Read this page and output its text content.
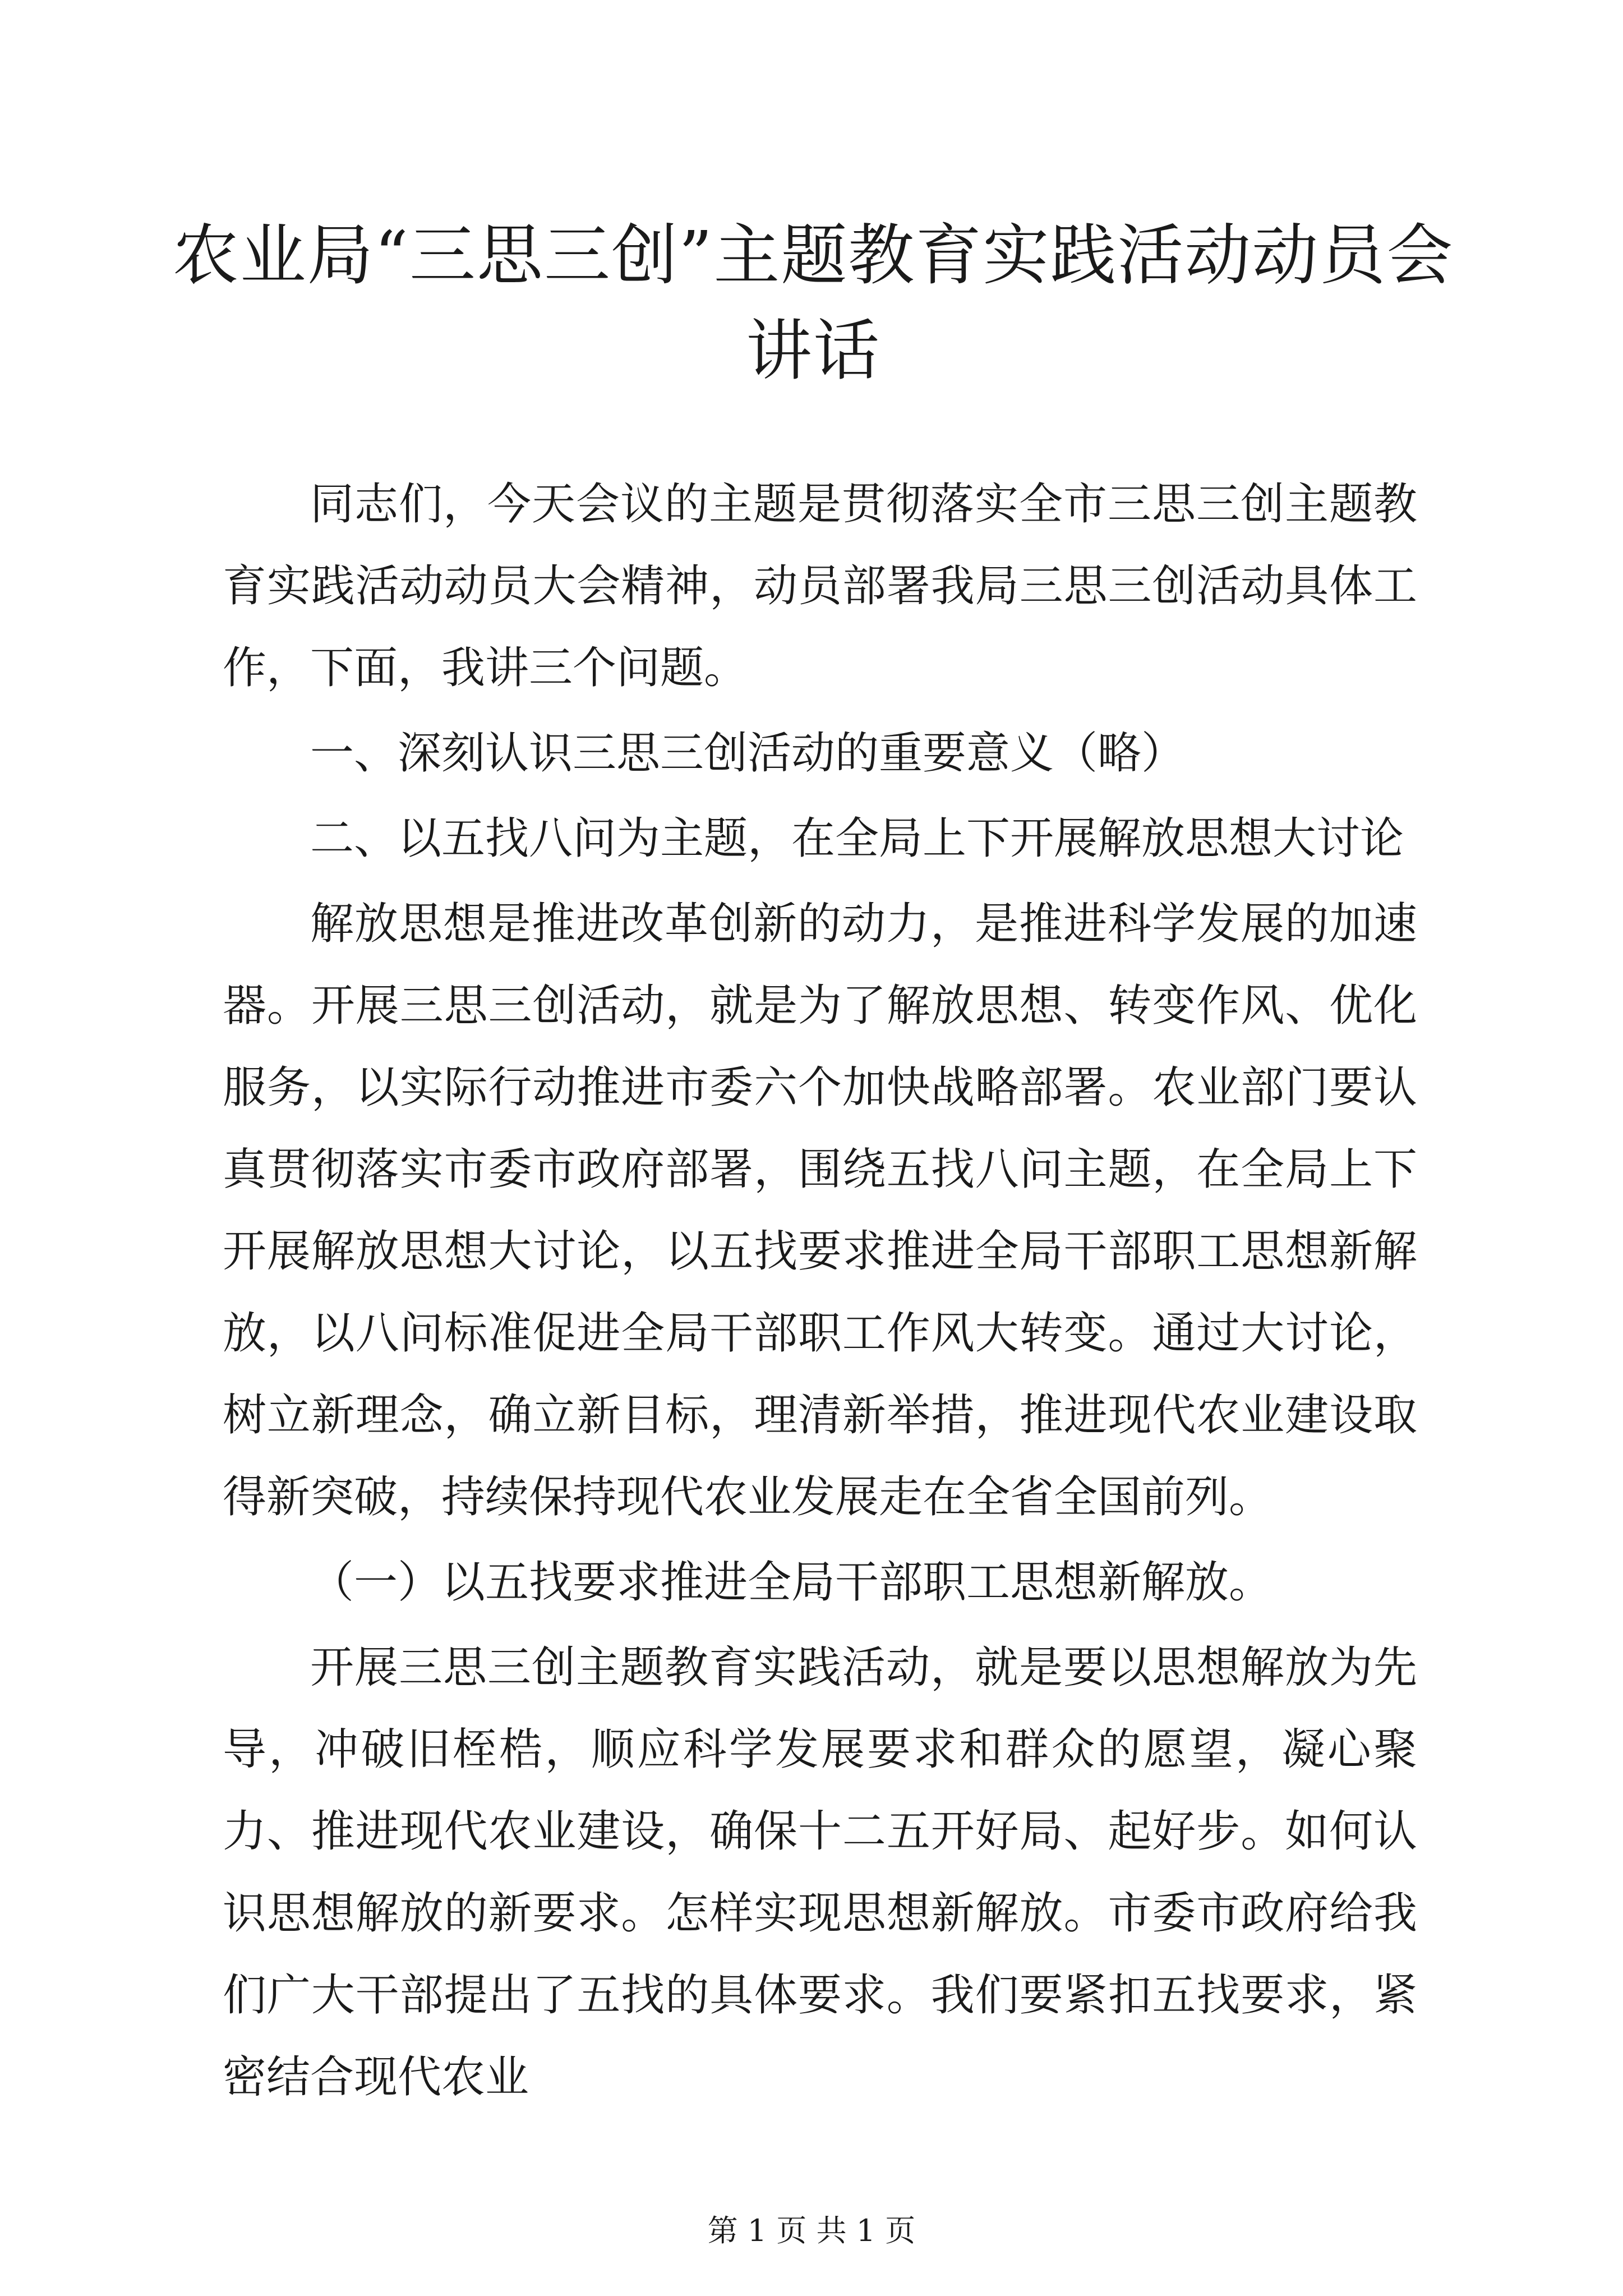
农业局“三思三创”主题教育实践活动动员会
讲话

同志们，今天会议的主题是贯彻落实全市三思三创主题教育实践活动动员大会精神，动员部署我局三思三创活动具体工作，下面，我讲三个问题。

一、深刻认识三思三创活动的重要意义（略）

二、以五找八问为主题，在全局上下开展解放思想大讨论

解放思想是推进改革创新的动力，是推进科学发展的加速器。开展三思三创活动，就是为了解放思想、转变作风、优化服务，以实际行动推进市委六个加快战略部署。农业部门要认真贯彻落实市委市政府部署，围绕五找八问主题，在全局上下开展解放思想大讨论，以五找要求推进全局干部职工思想新解放，以八问标准促进全局干部职工作风大转变。通过大讨论，树立新理念，确立新目标，理清新举措，推进现代农业建设取得新突破，持续保持现代农业发展走在全省全国前列。

（一）以五找要求推进全局干部职工思想新解放。

开展三思三创主题教育实践活动，就是要以思想解放为先导，冲破旧桎梏，顺应科学发展要求和群众的愿望，凝心聚力、推进现代农业建设，确保十二五开好局、起好步。如何认识思想解放的新要求。怎样实现思想新解放。市委市政府给我们广大干部提出了五找的具体要求。我们要紧扣五找要求，紧密结合现代农业

第 1 页 共 1 页
